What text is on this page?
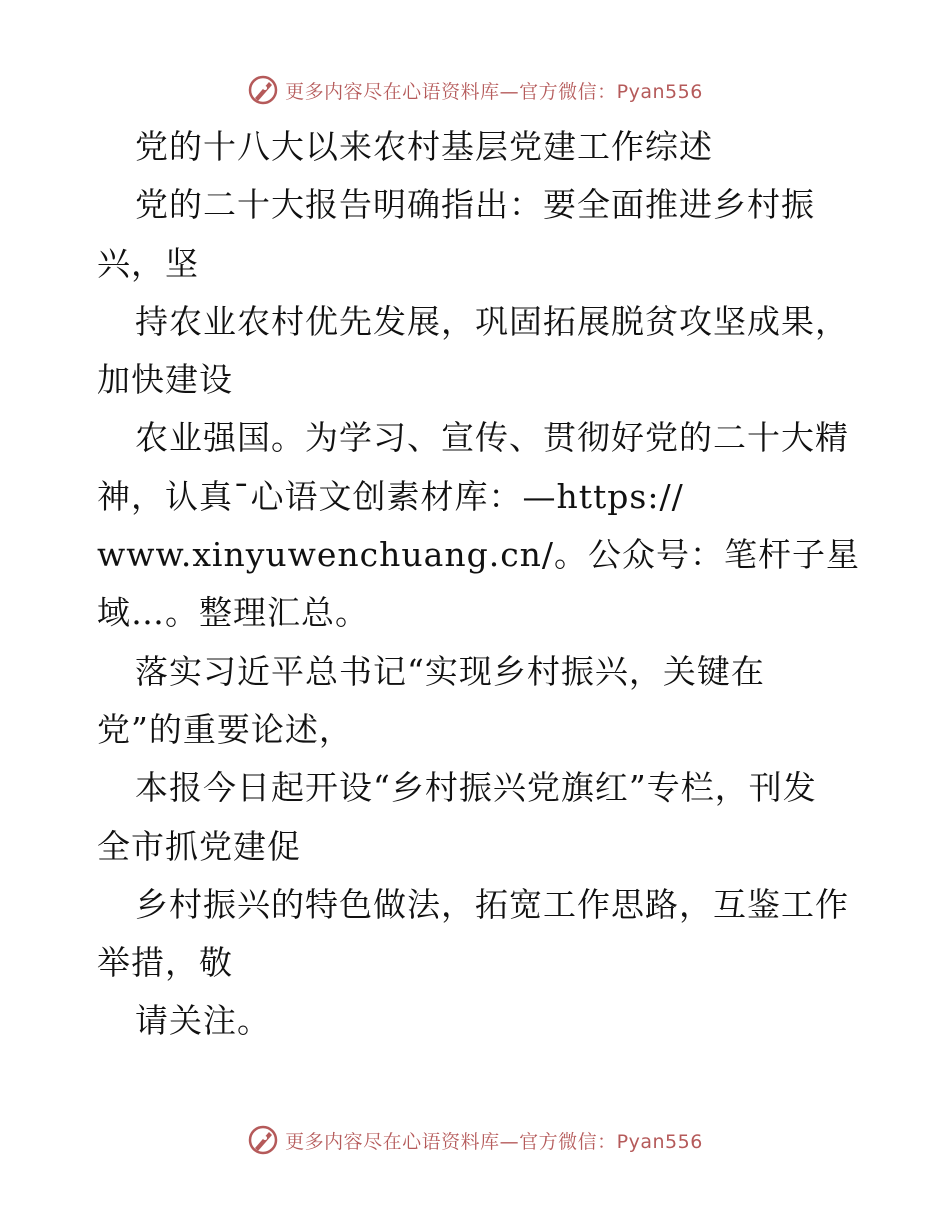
更多内容尽在心语资料库—官方微信：Pyan556
党的十八大以来农村基层党建工作综述
党的二十大报告明确指出：要全面推进乡村振
兴，坚
持农业农村优先发展，巩固拓展脱贫攻坚成果，
加快建设
农业强国。为学习、宣传、贯彻好党的二十大精
神，认真¯心语文创素材库：—https://
www.xinyuwenchuang.cn/。公众号：笔杆子星
域…。整理汇总。
落实习近平总书记“实现乡村振兴，关键在
党”的重要论述，
本报今日起开设“乡村振兴党旗红”专栏，刊发
全市抓党建促
乡村振兴的特色做法，拓宽工作思路，互鉴工作
举措，敬
请关注。
更多内容尽在心语资料库—官方微信：Pyan556
